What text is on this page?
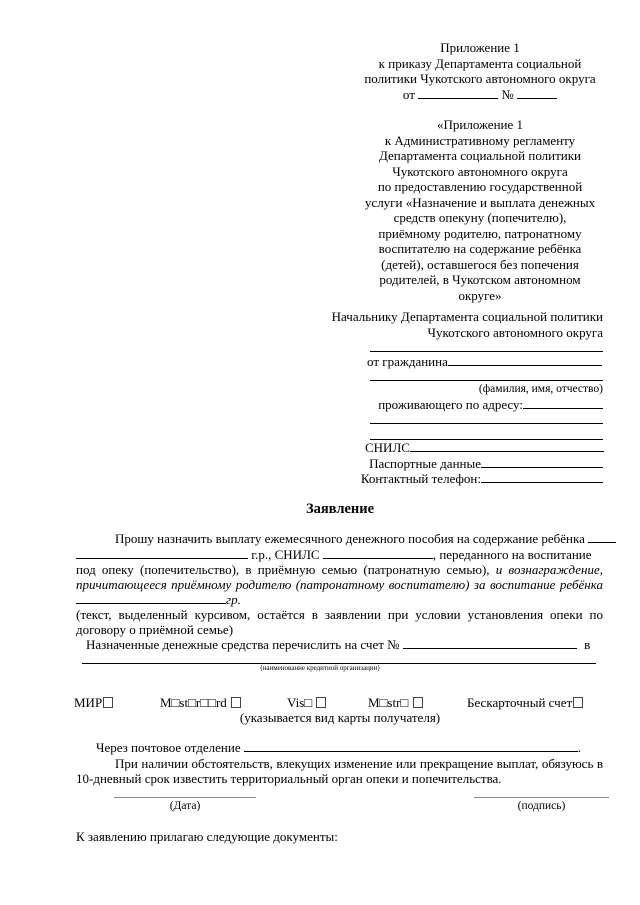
Приложение 1
к приказу Департамента социальной
политики Чукотского автономного округа
от	№
«Приложение 1
к Административному регламенту
Департамента социальной политики
Чукотского автономного округа
по предоставлению государственной
услуги «Назначение и выплата денежных
средств опекуну (попечителю),
приёмному родителю, патронатному
воспитателю на содержание ребёнка
(детей), оставшегося без попечения
родителей, в Чукотском автономном
округе»
Начальнику Департамента социальной политики
Чукотского автономного округа
от гражданина
(фамилия, имя, отчество)
проживающего по адресу:
СНИЛС
Паспортные данные
Контактный телефон:
Заявление
Прошу назначить выплату ежемесячного денежного пособия на содержание ребёнка
г.р., СНИЛС	, переданного на воспитание
под опеку (попечительство), в приёмную семью (патронатную семью), и вознаграждение,
причитающееся приёмному родителю (патронатному воспитателю) за воспитание ребёнка
гр.
(текст, выделенный курсивом, остаётся в заявлении при условии установления опеки по
договору о приёмной семье)
Назначенные денежные средства перечислить на счет №	в
(наименование кредитной организации)
МИР	M□st□r□□rd	Vis□	M□str□	Бескарточный счет
(указывается вид карты получателя)
Через почтовое отделение	.
При наличии обстоятельств, влекущих изменение или прекращение выплат, обязуюсь в
10-дневный срок известить территориальный орган опеки и попечительства.
(Дата)	(подпись)
К заявлению прилагаю следующие документы:
